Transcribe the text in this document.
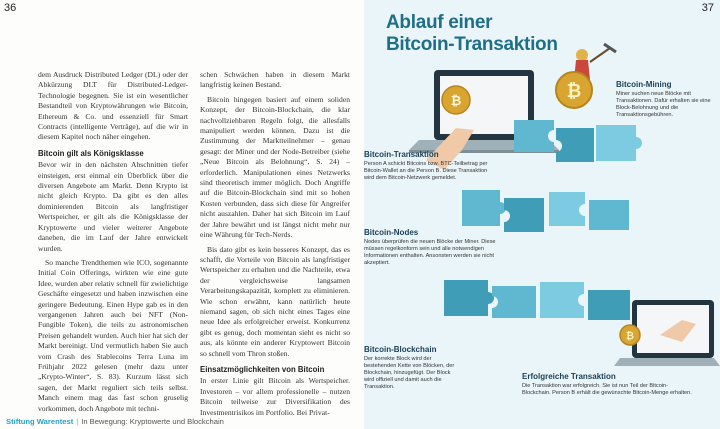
36

dem Ausdruck Distributed Ledger (DL) oder der Abkürzung DLT für Distributed-Ledger-Technologie begegnen. Sie ist ein wesentlicher Bestandteil von Kryptowährungen wie Bitcoin, Ethereum & Co. und essenziell für Smart Contracts (intelligente Verträge), auf die wir in diesem Kapitel noch näher eingehen.

Bitcoin gilt als Königsklasse

Bevor wir in den nächsten Abschnitten tiefer einsteigen, erst einmal ein Überblick über die diversen Angebote am Markt. Denn Krypto ist nicht gleich Krypto. Da gibt es den alles dominierenden Bitcoin als langfristiger Wertspeicher, er gilt als die Königsklasse der Kryptowerte und vieler weiterer Angebote daneben, die im Lauf der Jahre entwickelt wurden.

So manche Trendthemen wie ICO, sogenannte Initial Coin Offerings, wirkten wie eine gute Idee, wurden aber relativ schnell für zwielichtige Geschäfte eingesetzt und haben inzwischen eine geringere Bedeutung. Einen Hype gab es in den vergangenen Jahren auch bei NFT (Non-Fungible Token), die teils zu astronomischen Preisen gehandelt wurden. Auch hier hat sich der Markt bereinigt. Und vermutlich haben Sie auch vom Crash des Stablecoins Terra Luna im Frühjahr 2022 gelesen (mehr dazu unter „Krypto-Winter“, S. 83). Kurzum lässt sich sagen, der Markt reguliert sich teils selbst. Manch einem mag das fast schon gruselig vorkommen, doch Angebote mit techni-

schen Schwächen haben in diesem Markt langfristig keinen Bestand.

Bitcoin hingegen basiert auf einem soliden Konzept, der Bitcoin-Blockchain, die klar nachvollziehbaren Regeln folgt, die allesfalls manipuliert werden können. Dazu ist die Zustimmung der Marktteilnehmer – genau gesagt: der Miner und der Node-Betreiber (siehe „Neue Bitcoin als Belohnung“, S. 24) – erforderlich. Manipulationen eines Netzwerks sind theoretisch immer möglich. Doch Angriffe auf die Bitcoin-Blockchain sind mit so hohen Kosten verbunden, dass sich diese für Angreifer nicht auszahlen. Daher hat sich Bitcoin im Lauf der Jahre bewährt und ist längst nicht mehr nur eine Währung für Tech-Nerds.

Bis dato gibt es kein besseres Konzept, das es schafft, die Vorteile von Bitcoin als langfristiger Wertspeicher zu erhalten und die Nachteile, etwa der vergleichsweise langsamen Verarbeitungskapazität, komplett zu eliminieren. Wie schon erwähnt, kann natürlich heute niemand sagen, ob sich nicht eines Tages eine neue Idee als erfolgreicher erweist. Konkurrenz gibt es genug, doch momentan sieht es nicht so aus, als könnte ein anderer Kryptowert Bitcoin so schnell vom Thron stoßen.

Einsatzmöglichkeiten von Bitcoin

In erster Linie gilt Bitcoin als Wertspeicher. Investoren – vor allem professionelle – nutzen Bitcoin teilweise zur Diversifikation des Investmentrisikos im Portfolio. Bei Privat-

Stiftung Warentest | In Bewegung: Kryptowerte und Blockchain
37
Ablauf einer
Bitcoin-Transaktion
₿	₿
₿
Bitcoin-Mining
Miner suchen neue Blöcke mit Transaktionen. Dafür erhalten sie eine Block-Belohnung und die Transaktionsgebühren.
Bitcoin-Transaktion
Person A schickt Bitcoins bzw. BTC-Teilbetrag per Bitcoin-Wallet an die Person B. Diese Transaktion wird dem Bitcoin-Netzwerk gemeldet.
Bitcoin-Nodes
Nodes überprüfen die neuen Blöcke der Miner. Diese müssen regelkonform sein und alle notwendigen Informationen enthalten. Ansonsten werden sie nicht akzeptiert.
Bitcoin-Blockchain
Der korrekte Block wird der bestehenden Kette von Blöcken, der Blockchain, hinzugefügt. Der Block wird offiziell und damit auch die Transaktion.
Erfolgreiche Transaktion
Die Transaktion war erfolgreich. Sie ist nun Teil der Bitcoin-Blockchain. Person B erhält die gewünschte Bitcoin-Menge erhalten.
